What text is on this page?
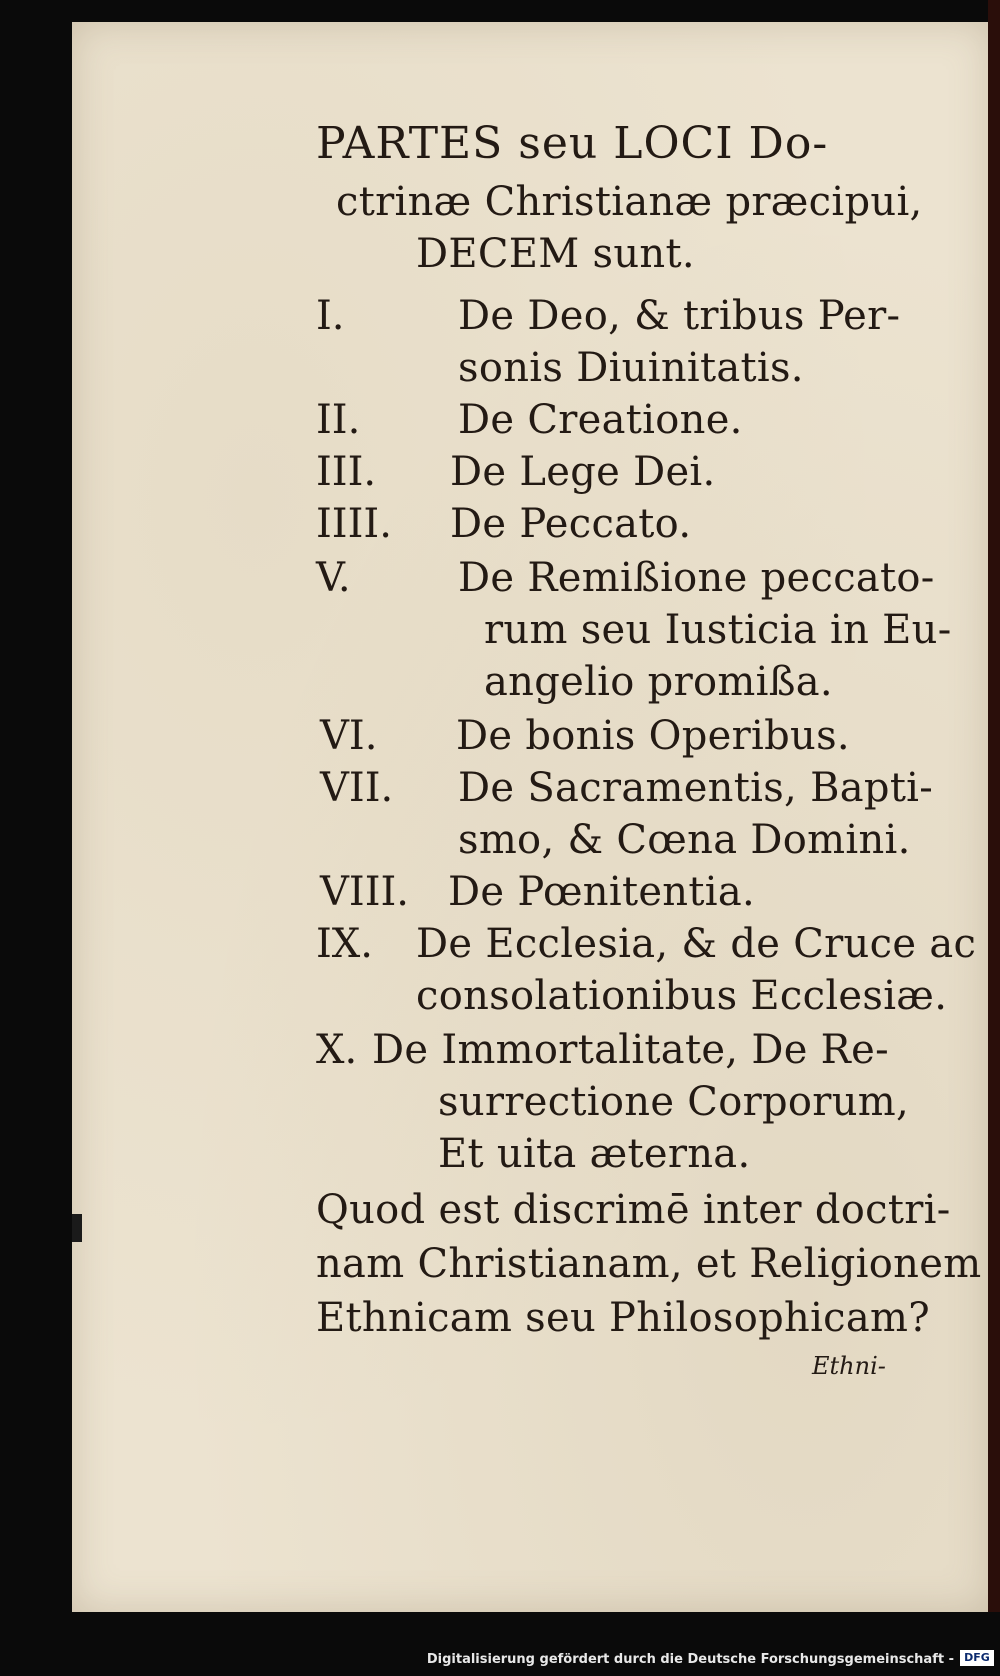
PARTES seu LOCI Do-
ctrinæ Christianæ præcipui,
DECEM sunt.
I.	De Deo, & tribus Per-
sonis Diuinitatis.
II. De Creatione.
III. De Lege Dei.
IIII. De Peccato.
V.	De Remißione peccato-
rum seu Iusticia in Eu-
angelio promißa.
VI. De bonis Operibus.
VII. De Sacramentis, Bapti-
smo, & Cœna Domini.
VIII. De Pœnitentia.
IX. De Ecclesia, & de Cruce ac
consolationibus Ecclesiæ.
X. De Immortalitate, De Re-
surrectione Corporum,
Et uita æterna.
Quod est discrimē inter doctri-
nam Christianam, et Religionem
Ethnicam seu Philosophicam?
Ethni-
Digitalisierung gefördert durch die Deutsche Forschungsgemeinschaft - DFG
